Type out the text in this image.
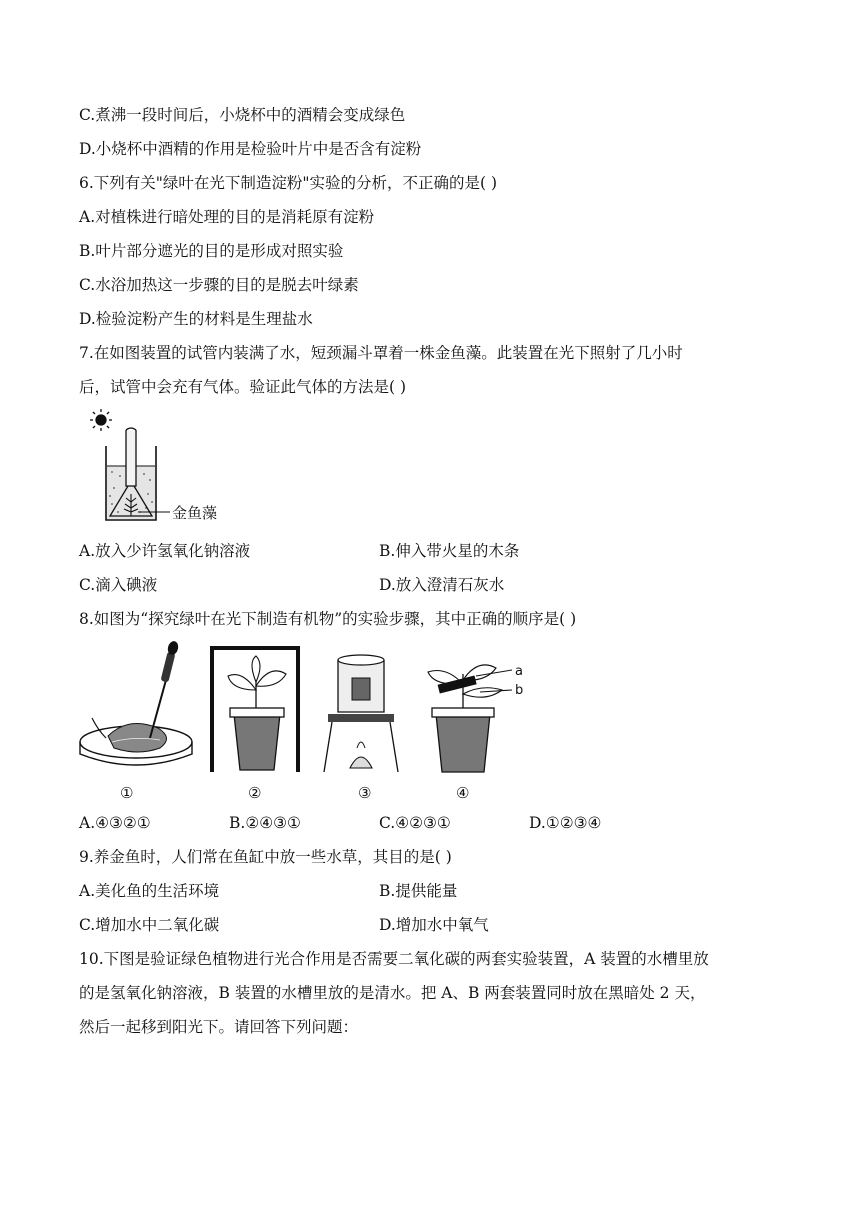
C.煮沸一段时间后，小烧杯中的酒精会变成绿色
D.小烧杯中酒精的作用是检验叶片中是否含有淀粉
6.下列有关"绿叶在光下制造淀粉"实验的分析，不正确的是( )
A.对植株进行暗处理的目的是消耗原有淀粉
B.叶片部分遮光的目的是形成对照实验
C.水浴加热这一步骤的目的是脱去叶绿素
D.检验淀粉产生的材料是生理盐水
7.在如图装置的试管内装满了水，短颈漏斗罩着一株金鱼藻。此装置在光下照射了几小时
后，试管中会充有气体。验证此气体的方法是( )
金鱼藻
A.放入少许氢氧化钠溶液	B.伸入带火星的木条
C.滴入碘液	D.放入澄清石灰水
8.如图为“探究绿叶在光下制造有机物”的实验步骤，其中正确的顺序是( )
a
b
①	②	③	④
A.④③②①	B.②④③①	C.④②③①	D.①②③④
9.养金鱼时，人们常在鱼缸中放一些水草，其目的是( )
A.美化鱼的生活环境	B.提供能量
C.增加水中二氧化碳	D.增加水中氧气
10.下图是验证绿色植物进行光合作用是否需要二氧化碳的两套实验装置，A 装置的水槽里放
的是氢氧化钠溶液，B 装置的水槽里放的是清水。把 A、B 两套装置同时放在黑暗处 2 天，
然后一起移到阳光下。请回答下列问题：
